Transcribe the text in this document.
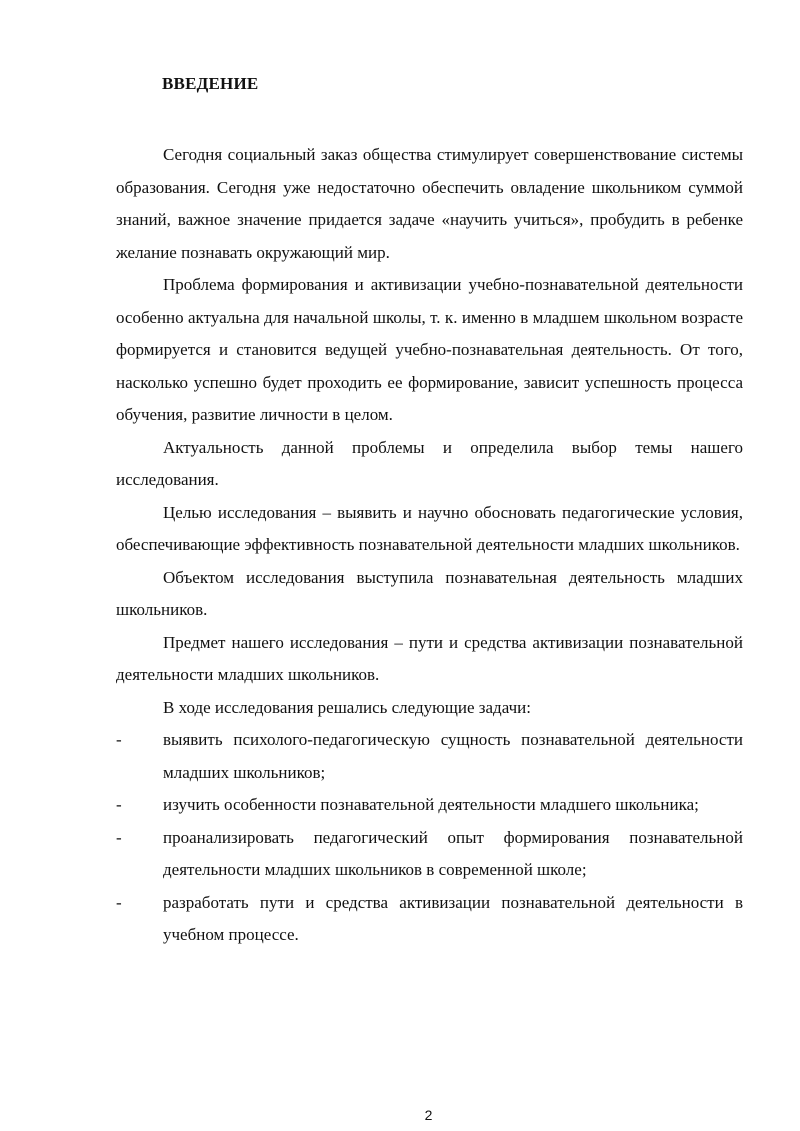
ВВЕДЕНИЕ

Сегодня социальный заказ общества стимулирует совершенствование системы образования. Сегодня уже недостаточно обеспечить овладение школьником суммой знаний, важное значение придается задаче «научить учиться», пробудить в ребенке желание познавать окружающий мир.

Проблема формирования и активизации учебно-познавательной деятельности особенно актуальна для начальной школы, т. к. именно в младшем школьном возрасте формируется и становится ведущей учебно-познавательная деятельность. От того, насколько успешно будет проходить ее формирование, зависит успешность процесса обучения, развитие личности в целом.

Актуальность данной проблемы и определила выбор темы нашего исследования.

Целью исследования – выявить и научно обосновать педагогические условия, обеспечивающие эффективность познавательной деятельности младших школьников.

Объектом исследования выступила познавательная деятельность младших школьников.

Предмет нашего исследования – пути и средства активизации познавательной деятельности младших школьников.

В ходе исследования решались следующие задачи:

- выявить психолого-педагогическую сущность познавательной деятельности младших школьников;
- изучить особенности познавательной деятельности младшего школьника;
- проанализировать педагогический опыт формирования познавательной деятельности младших школьников в современной школе;
- разработать пути и средства активизации познавательной деятельности в учебном процессе.
2
